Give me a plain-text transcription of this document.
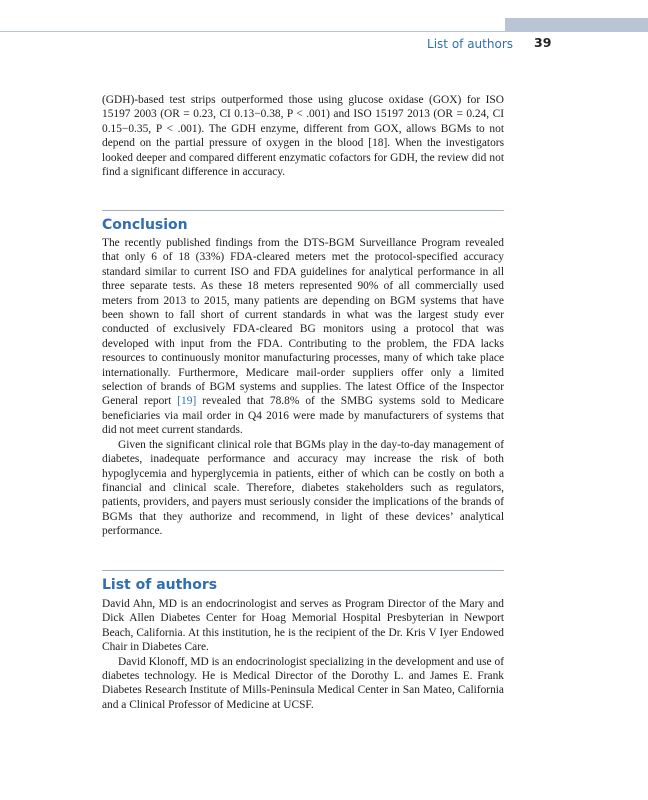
List of authors 39

(GDH)-based test strips outperformed those using glucose oxidase (GOX) for ISO 15197 2003 (OR = 0.23, CI 0.13−0.38, P < .001) and ISO 15197 2013 (OR = 0.24, CI 0.15−0.35, P < .001). The GDH enzyme, different from GOX, allows BGMs to not depend on the partial pressure of oxygen in the blood [18]. When the investigators looked deeper and compared different enzymatic cofactors for GDH, the review did not find a significant difference in accuracy.

Conclusion

The recently published findings from the DTS-BGM Surveillance Program revealed that only 6 of 18 (33%) FDA-cleared meters met the protocol-specified accuracy standard similar to current ISO and FDA guidelines for analytical performance in all three separate tests. As these 18 meters represented 90% of all commercially used meters from 2013 to 2015, many patients are depending on BGM systems that have been shown to fall short of current standards in what was the largest study ever conducted of exclusively FDA-cleared BG monitors using a protocol that was developed with input from the FDA. Contributing to the problem, the FDA lacks resources to continuously monitor manufacturing processes, many of which take place internationally. Furthermore, Medicare mail-order suppliers offer only a limited selection of brands of BGM systems and supplies. The latest Office of the Inspector General report [19] revealed that 78.8% of the SMBG systems sold to Medicare beneficiaries via mail order in Q4 2016 were made by manufacturers of systems that did not meet current standards.

Given the significant clinical role that BGMs play in the day-to-day management of diabetes, inadequate performance and accuracy may increase the risk of both hypoglycemia and hyperglycemia in patients, either of which can be costly on both a financial and clinical scale. Therefore, diabetes stakeholders such as regulators, patients, providers, and payers must seriously consider the implications of the brands of BGMs that they authorize and recommend, in light of these devices’ analytical performance.

List of authors

David Ahn, MD is an endocrinologist and serves as Program Director of the Mary and Dick Allen Diabetes Center for Hoag Memorial Hospital Presbyterian in Newport Beach, California. At this institution, he is the recipient of the Dr. Kris V Iyer Endowed Chair in Diabetes Care.

David Klonoff, MD is an endocrinologist specializing in the development and use of diabetes technology. He is Medical Director of the Dorothy L. and James E. Frank Diabetes Research Institute of Mills-Peninsula Medical Center in San Mateo, California and a Clinical Professor of Medicine at UCSF.
